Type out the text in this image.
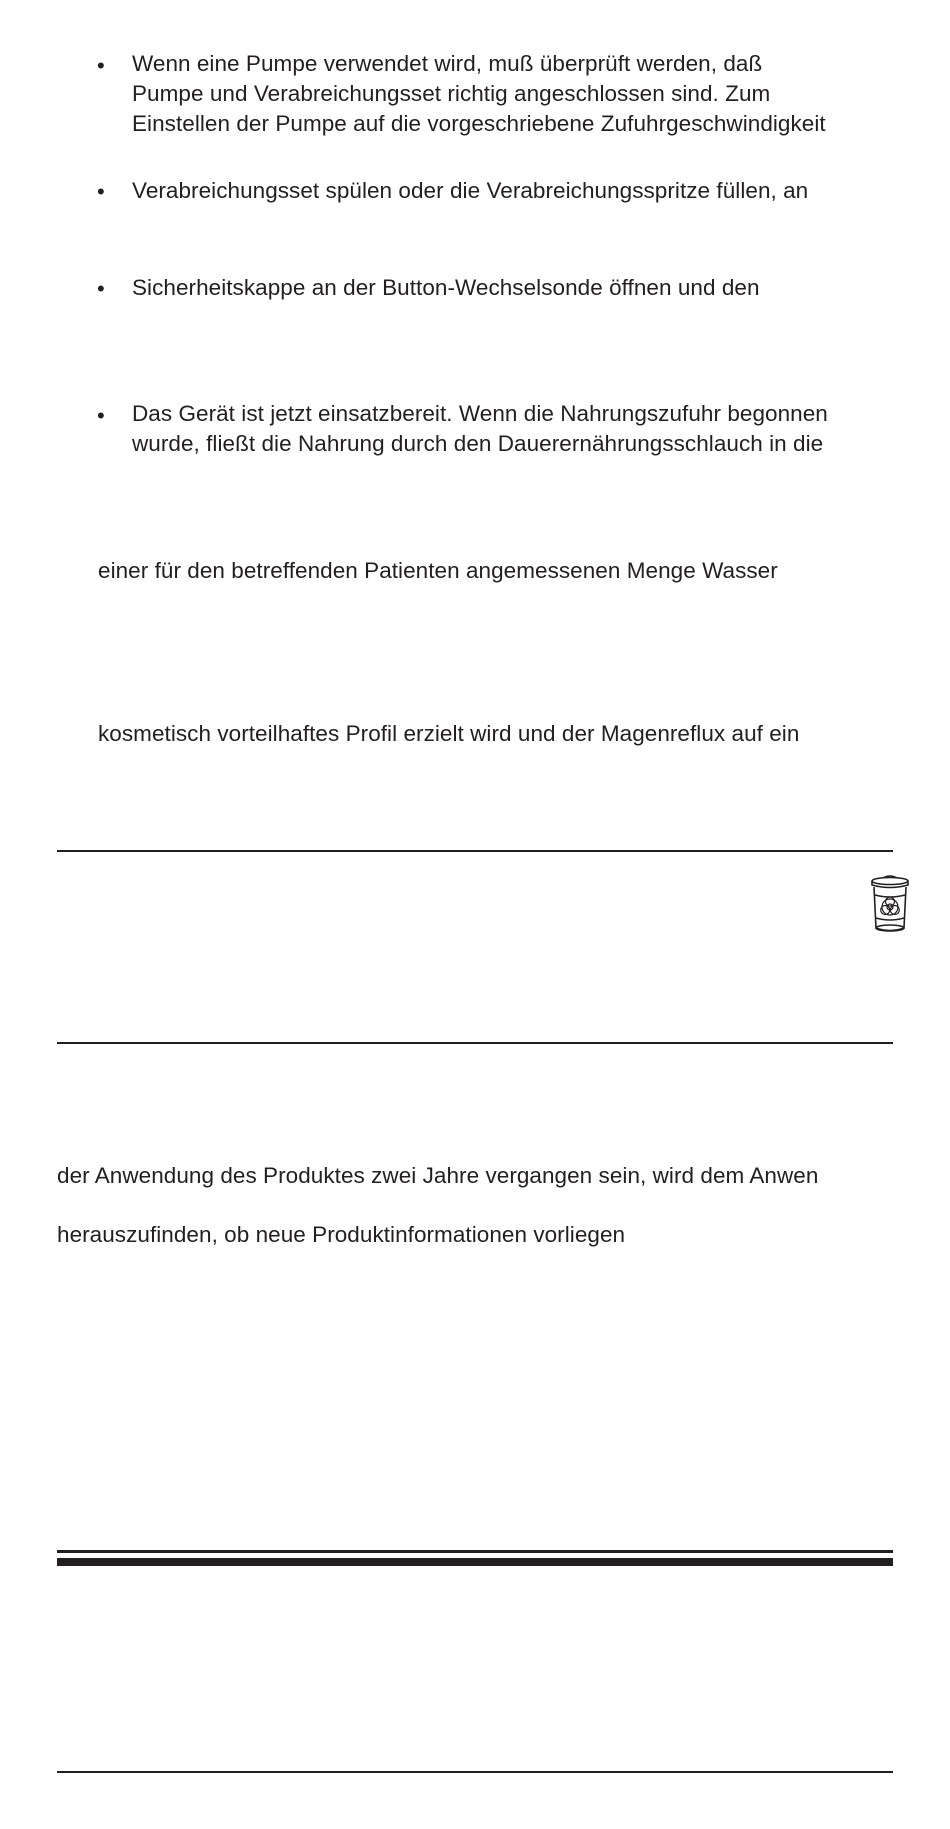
• Wenn eine Pumpe verwendet wird, muß überprüft werden, daß
Pumpe und Verabreichungsset richtig angeschlossen sind. Zum
Einstellen der Pumpe auf die vorgeschriebene Zufuhrgeschwindigkeit
• Verabreichungsset spülen oder die Verabreichungsspritze füllen, an
• Sicherheitskappe an der Button-Wechselsonde öffnen und den
• Das Gerät ist jetzt einsatzbereit. Wenn die Nahrungszufuhr begonnen
wurde, fließt die Nahrung durch den Dauerernährungsschlauch in die
einer für den betreffenden Patienten angemessenen Menge Wasser
kosmetisch vorteilhaftes Profil erzielt wird und der Magenreflux auf ein
der Anwendung des Produktes zwei Jahre vergangen sein, wird dem Anwen
herauszufinden, ob neue Produktinformationen vorliegen
